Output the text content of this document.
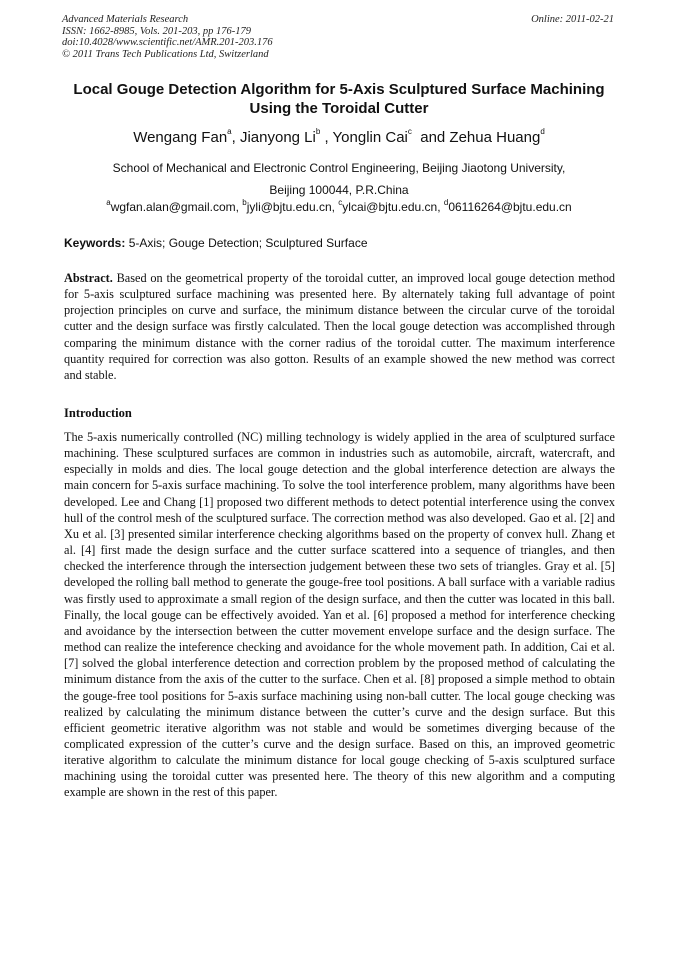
Advanced Materials Research
ISSN: 1662-8985, Vols. 201-203, pp 176-179
doi:10.4028/www.scientific.net/AMR.201-203.176
© 2011 Trans Tech Publications Ltd, Switzerland
Online: 2011-02-21
Local Gouge Detection Algorithm for 5-Axis Sculptured Surface Machining Using the Toroidal Cutter
Wengang Fan$^a$, Jianyong Li$^b$ , Yonglin Cai$^c$  and Zehua Huang$^d$
School of Mechanical and Electronic Control Engineering, Beijing Jiaotong University,
Beijing 100044, P.R.China
$^a$wgfan.alan@gmail.com, $^b$jyli@bjtu.edu.cn, $^c$ylcai@bjtu.edu.cn, $^d$06116264@bjtu.edu.cn
Keywords: 5-Axis; Gouge Detection; Sculptured Surface
Abstract. Based on the geometrical property of the toroidal cutter, an improved local gouge detection method for 5-axis sculptured surface machining was presented here. By alternately taking full advantage of point projection principles on curve and surface, the minimum distance between the circular curve of the toroidal cutter and the design surface was firstly calculated. Then the local gouge detection was accomplished through comparing the minimum distance with the corner radius of the toroidal cutter. The maximum interference quantity required for correction was also gotton. Results of an example showed the new method was correct and stable.
Introduction
The 5-axis numerically controlled (NC) milling technology is widely applied in the area of sculptured surface machining. These sculptured surfaces are common in industries such as automobile, aircraft, watercraft, and especially in molds and dies. The local gouge detection and the global interference detection are always the main concern for 5-axis surface machining. To solve the tool interference problem, many algorithms have been developed. Lee and Chang [1] proposed two different methods to detect potential interference using the convex hull of the control mesh of the sculptured surface. The correction method was also developed. Gao et al. [2] and Xu et al. [3] presented similar interference checking algorithms based on the property of convex hull. Zhang et al. [4] first made the design surface and the cutter surface scattered into a sequence of triangles, and then checked the interference through the intersection judgement between these two sets of triangles. Gray et al. [5] developed the rolling ball method to generate the gouge-free tool positions. A ball surface with a variable radius was firstly used to approximate a small region of the design surface, and then the cutter was located in this ball. Finally, the local gouge can be effectively avoided. Yan et al. [6] proposed a method for interference checking and avoidance by the intersection between the cutter movement envelope surface and the design surface. The method can realize the inteference checking and avoidance for the whole movement path. In addition, Cai et al. [7] solved the global interference detection and correction problem by the proposed method of calculating the minimum distance from the axis of the cutter to the surface. Chen et al. [8] proposed a simple method to obtain the gouge-free tool positions for 5-axis surface machining using non-ball cutter. The local gouge checking was realized by calculating the minimum distance between the cutter’s curve and the design surface. But this efficient geometric iterative algorithm was not stable and would be sometimes diverging because of the complicated expression of the cutter’s curve and the design surface. Based on this, an improved geometric iterative algorithm to calculate the minimum distance for local gouge checking of 5-axis sculptured surface machining using the toroidal cutter was presented here. The theory of this new algorithm and a computing example are shown in the rest of this paper.
